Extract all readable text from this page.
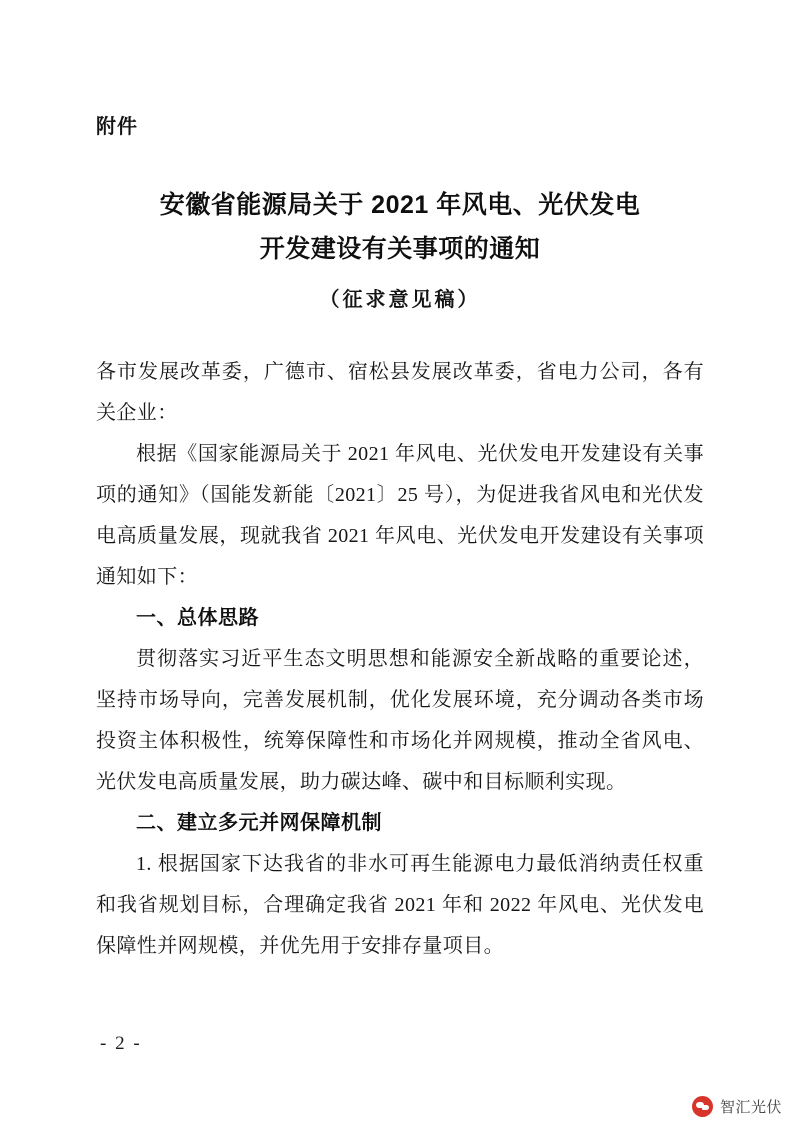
附件
安徽省能源局关于 2021 年风电、光伏发电
开发建设有关事项的通知
（征求意见稿）

各市发展改革委，广德市、宿松县发展改革委，省电力公司，各有关企业：

根据《国家能源局关于 2021 年风电、光伏发电开发建设有关事项的通知》（国能发新能〔2021〕25 号），为促进我省风电和光伏发电高质量发展，现就我省 2021 年风电、光伏发电开发建设有关事项通知如下：

一、总体思路

贯彻落实习近平生态文明思想和能源安全新战略的重要论述，坚持市场导向，完善发展机制，优化发展环境，充分调动各类市场投资主体积极性，统筹保障性和市场化并网规模，推动全省风电、光伏发电高质量发展，助力碳达峰、碳中和目标顺利实现。

二、建立多元并网保障机制

1. 根据国家下达我省的非水可再生能源电力最低消纳责任权重和我省规划目标，合理确定我省 2021 年和 2022 年风电、光伏发电保障性并网规模，并优先用于安排存量项目。

- 2 -
智汇光伏
